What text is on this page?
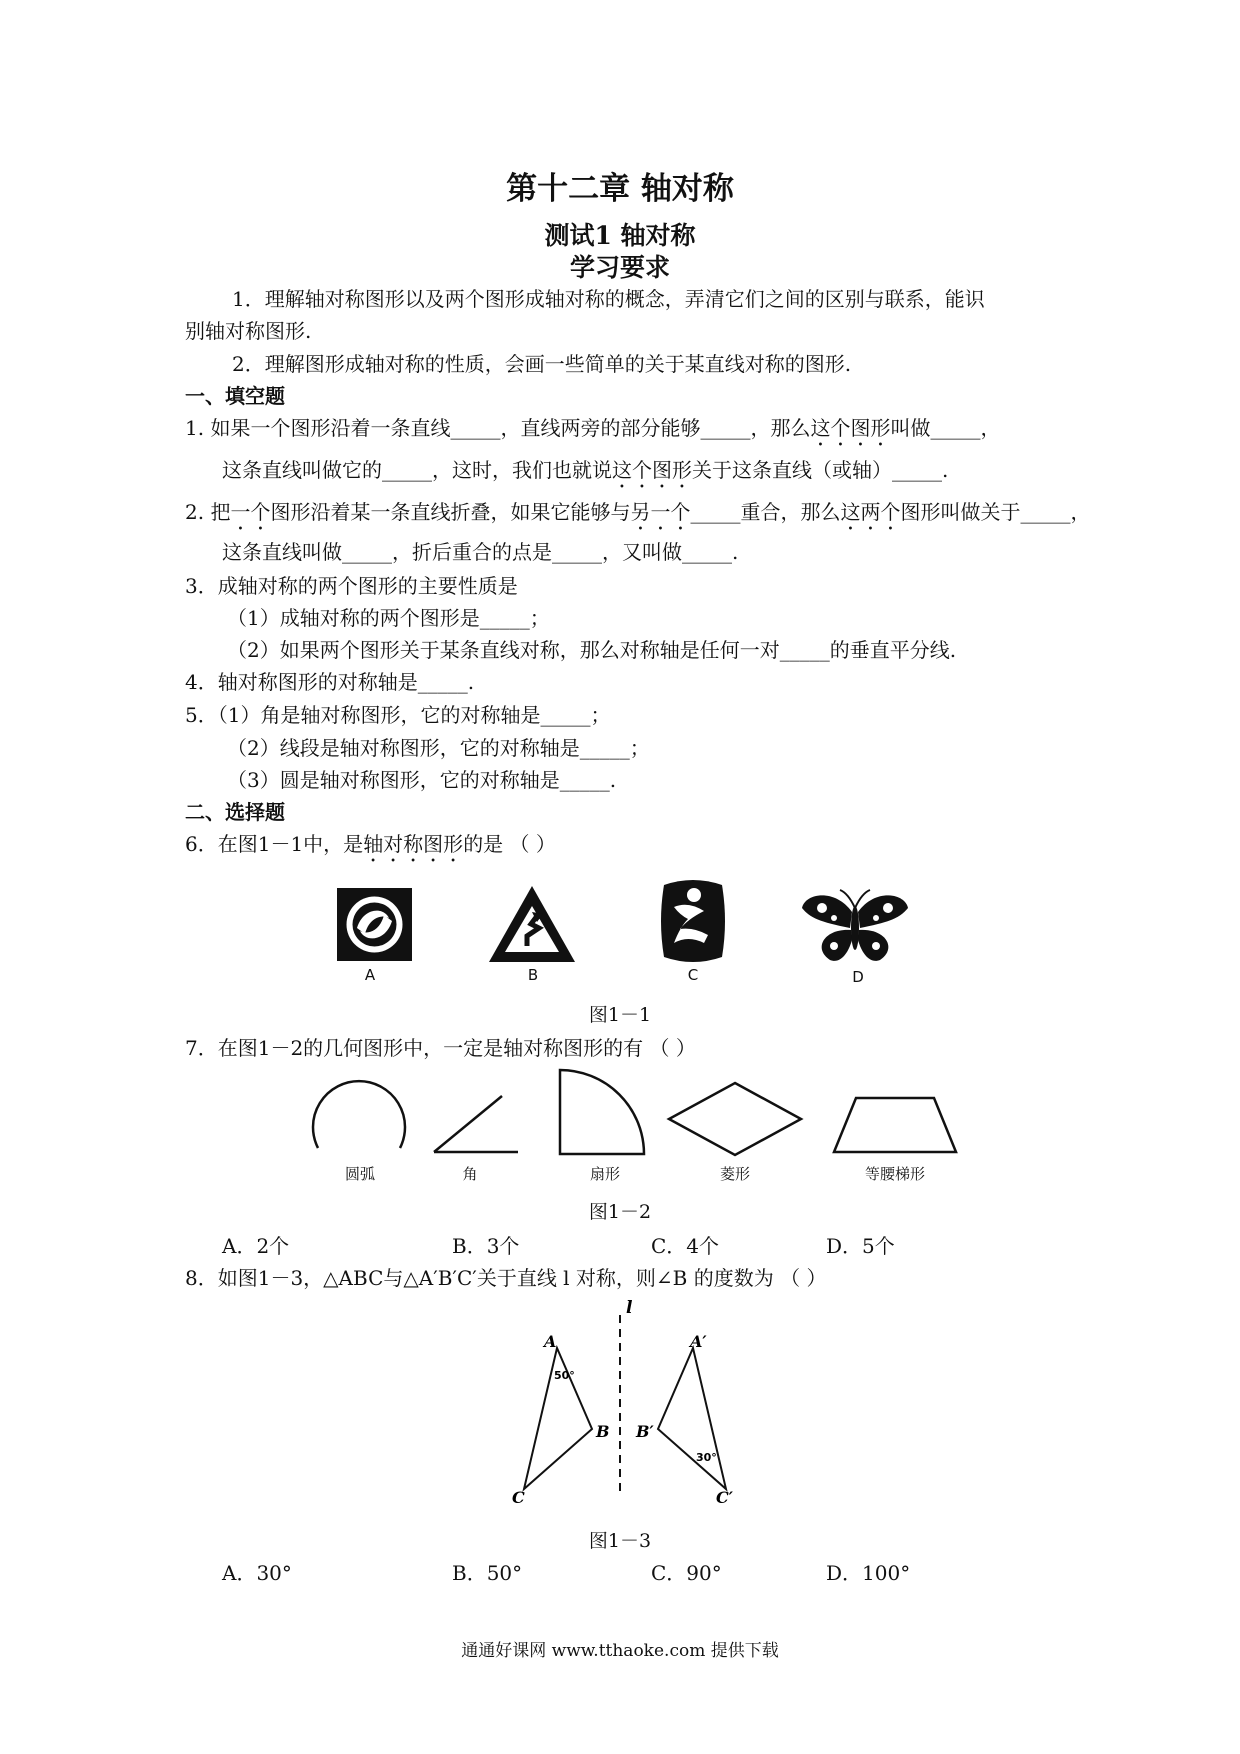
第十二章 轴对称
测试1 轴对称
学习要求
1．理解轴对称图形以及两个图形成轴对称的概念，弄清它们之间的区别与联系，能识
别轴对称图形.
2．理解图形成轴对称的性质，会画一些简单的关于某直线对称的图形.
一、填空题
1. 如果一个图形沿着一条直线_____，直线两旁的部分能够_____，那么这个图形叫做_____，
这条直线叫做它的_____，这时，我们也就说这个图形关于这条直线（或轴）_____.
2. 把一个图形沿着某一条直线折叠，如果它能够与另一个_____重合，那么这两个图形叫做关于_____，
这条直线叫做_____，折后重合的点是_____，又叫做_____.
3．成轴对称的两个图形的主要性质是
（1）成轴对称的两个图形是_____；
（2）如果两个图形关于某条直线对称，那么对称轴是任何一对_____的垂直平分线.
4．轴对称图形的对称轴是_____.
5．（1）角是轴对称图形，它的对称轴是_____；
（2）线段是轴对称图形，它的对称轴是_____；
（3）圆是轴对称图形，它的对称轴是_____.
二、选择题
6．在图1－1中，是轴对称图形的是 （ ）
A	B	C	D
图1－1
7．在图1－2的几何图形中，一定是轴对称图形的有 （ ）
圆弧	角	扇形	菱形	等腰梯形
图1－2
A．2个	B．3个	C．4个	D．5个
8．如图1－3，△ABC与△A′B′C′关于直线 l 对称，则∠B 的度数为 （ ）
l
A
B
C
A′
B′
C′
50°
30°
图1－3
A．30°	B．50°	C．90°	D．100°
通通好课网 www.tthaoke.com 提供下载
